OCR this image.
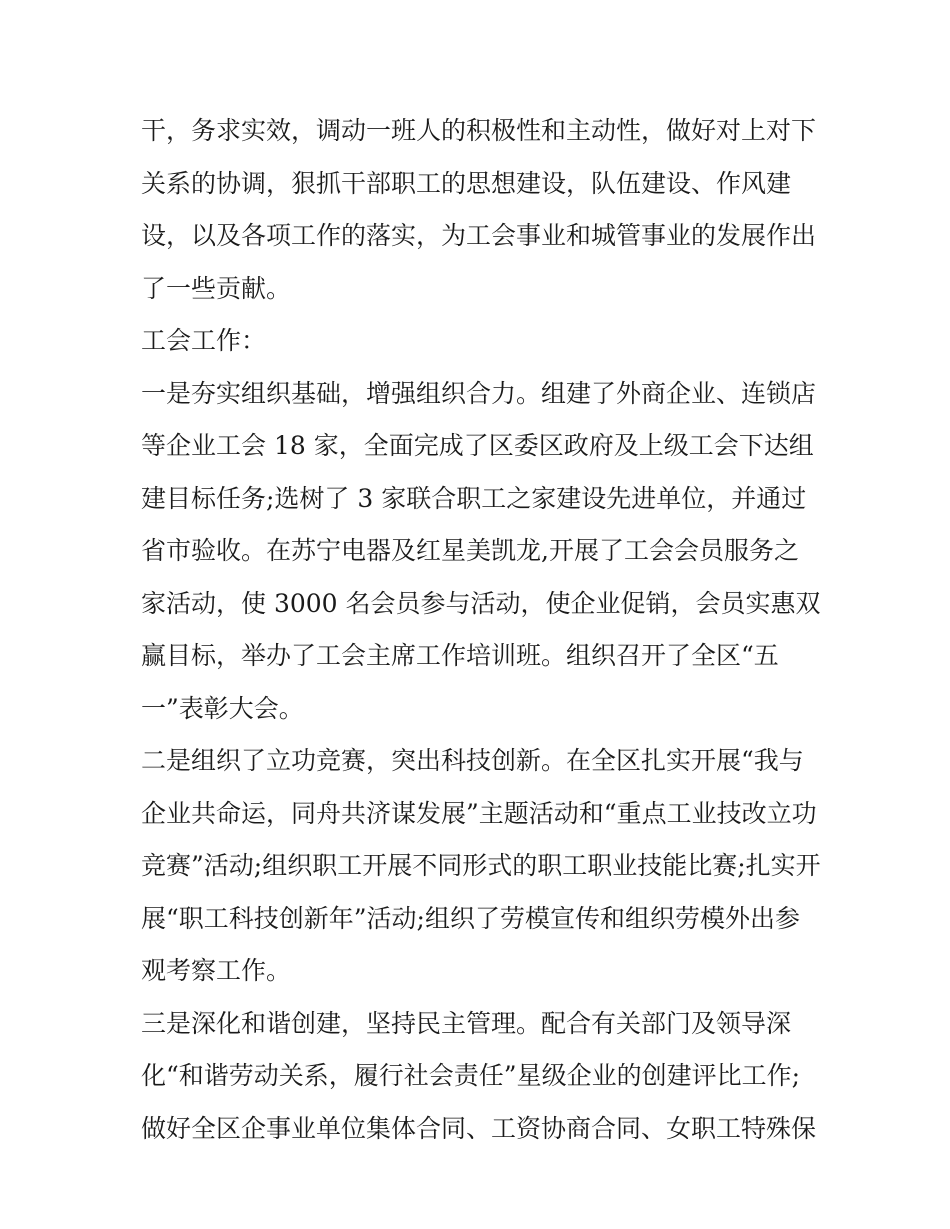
干，务求实效，调动一班人的积极性和主动性，做好对上对下
关系的协调，狠抓干部职工的思想建设，队伍建设、作风建
设，以及各项工作的落实，为工会事业和城管事业的发展作出
了一些贡献。
工会工作：
一是夯实组织基础，增强组织合力。组建了外商企业、连锁店
等企业工会 18 家，全面完成了区委区政府及上级工会下达组
建目标任务;选树了 3 家联合职工之家建设先进单位，并通过
省市验收。在苏宁电器及红星美凯龙,开展了工会会员服务之
家活动，使 3000 名会员参与活动，使企业促销，会员实惠双
赢目标，举办了工会主席工作培训班。组织召开了全区“五
一”表彰大会。
二是组织了立功竞赛，突出科技创新。在全区扎实开展“我与
企业共命运，同舟共济谋发展”主题活动和“重点工业技改立功
竞赛”活动;组织职工开展不同形式的职工职业技能比赛;扎实开
展“职工科技创新年”活动;组织了劳模宣传和组织劳模外出参
观考察工作。
三是深化和谐创建，坚持民主管理。配合有关部门及领导深
化“和谐劳动关系，履行社会责任”星级企业的创建评比工作;
做好全区企事业单位集体合同、工资协商合同、女职工特殊保
